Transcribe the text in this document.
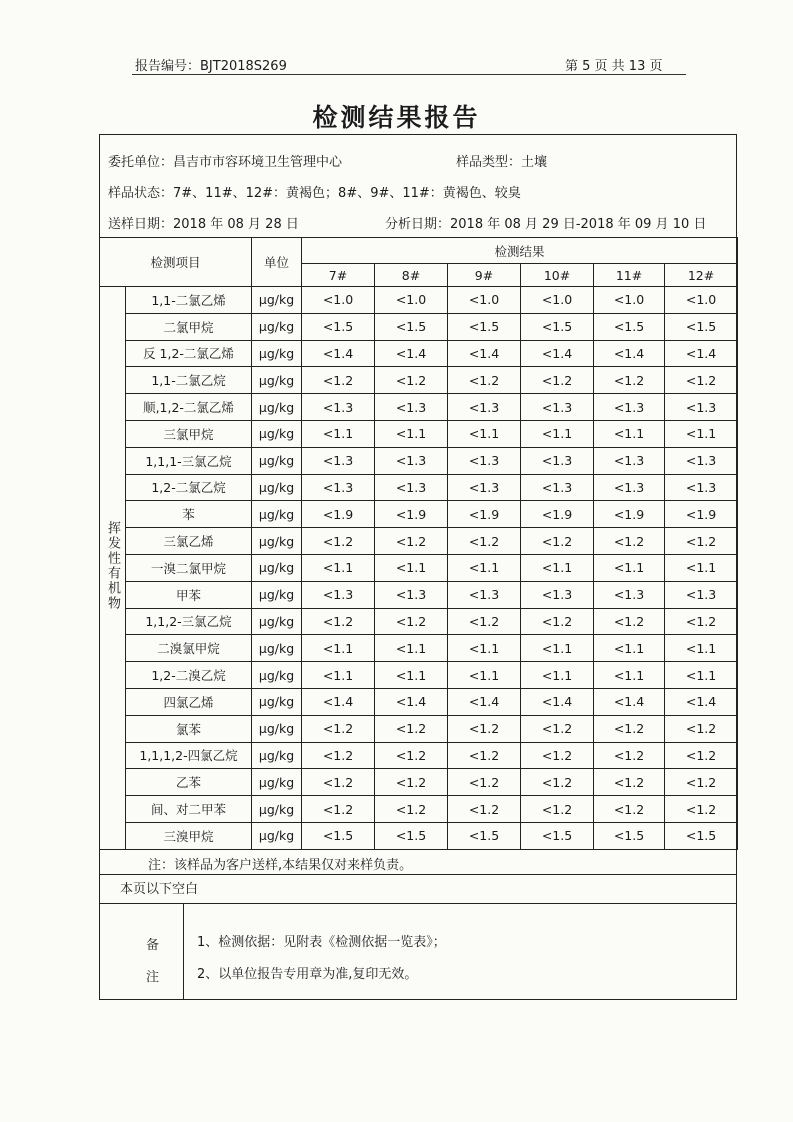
报告编号：BJT2018S269	第 5 页 共 13 页
检测结果报告
委托单位：昌吉市市容环境卫生管理中心	样品类型：土壤
样品状态：7#、11#、12#：黄褐色；8#、9#、11#：黄褐色、较臭
送样日期：2018 年 08 月 28 日	分析日期：2018 年 08 月 29 日-2018 年 09 月 10 日
检测项目		单位	检测结果					
			7#	8#	9#	10#	11#	12#
挥发性有机物	1,1-二氯乙烯	μg/kg	<1.0	<1.0	<1.0	<1.0	<1.0	<1.0
	二氯甲烷	μg/kg	<1.5	<1.5	<1.5	<1.5	<1.5	<1.5
	反 1,2-二氯乙烯	μg/kg	<1.4	<1.4	<1.4	<1.4	<1.4	<1.4
	1,1-二氯乙烷	μg/kg	<1.2	<1.2	<1.2	<1.2	<1.2	<1.2
	顺,1,2-二氯乙烯	μg/kg	<1.3	<1.3	<1.3	<1.3	<1.3	<1.3
	三氯甲烷	μg/kg	<1.1	<1.1	<1.1	<1.1	<1.1	<1.1
	1,1,1-三氯乙烷	μg/kg	<1.3	<1.3	<1.3	<1.3	<1.3	<1.3
	1,2-二氯乙烷	μg/kg	<1.3	<1.3	<1.3	<1.3	<1.3	<1.3
	苯	μg/kg	<1.9	<1.9	<1.9	<1.9	<1.9	<1.9
	三氯乙烯	μg/kg	<1.2	<1.2	<1.2	<1.2	<1.2	<1.2
	一溴二氯甲烷	μg/kg	<1.1	<1.1	<1.1	<1.1	<1.1	<1.1
	甲苯	μg/kg	<1.3	<1.3	<1.3	<1.3	<1.3	<1.3
	1,1,2-三氯乙烷	μg/kg	<1.2	<1.2	<1.2	<1.2	<1.2	<1.2
	二溴氯甲烷	μg/kg	<1.1	<1.1	<1.1	<1.1	<1.1	<1.1
	1,2-二溴乙烷	μg/kg	<1.1	<1.1	<1.1	<1.1	<1.1	<1.1
	四氯乙烯	μg/kg	<1.4	<1.4	<1.4	<1.4	<1.4	<1.4
	氯苯	μg/kg	<1.2	<1.2	<1.2	<1.2	<1.2	<1.2
	1,1,1,2-四氯乙烷	μg/kg	<1.2	<1.2	<1.2	<1.2	<1.2	<1.2
	乙苯	μg/kg	<1.2	<1.2	<1.2	<1.2	<1.2	<1.2
	间、对二甲苯	μg/kg	<1.2	<1.2	<1.2	<1.2	<1.2	<1.2
	三溴甲烷	μg/kg	<1.5	<1.5	<1.5	<1.5	<1.5	<1.5
注：该样品为客户送样,本结果仅对来样负责。
本页以下空白
备
注
1、检测依据：见附表《检测依据一览表》；
2、以单位报告专用章为准,复印无效。
